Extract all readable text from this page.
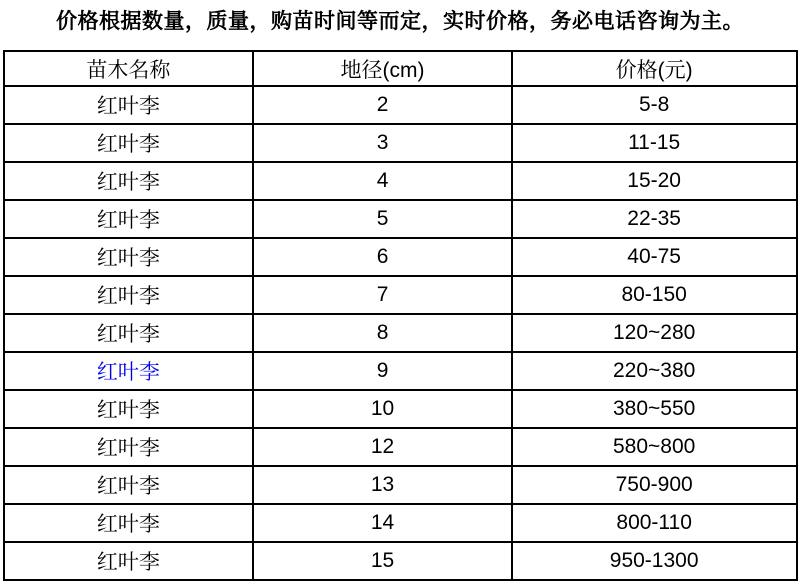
价格根据数量，质量，购苗时间等而定，实时价格，务必电话咨询为主。
苗木名称	地径(cm)	价格(元)
红叶李	2	5-8
红叶李	3	11-15
红叶李	4	15-20
红叶李	5	22-35
红叶李	6	40-75
红叶李	7	80-150
红叶李	8	120~280
红叶李	9	220~380
红叶李	10	380~550
红叶李	12	580~800
红叶李	13	750-900
红叶李	14	800-110
红叶李	15	950-1300
